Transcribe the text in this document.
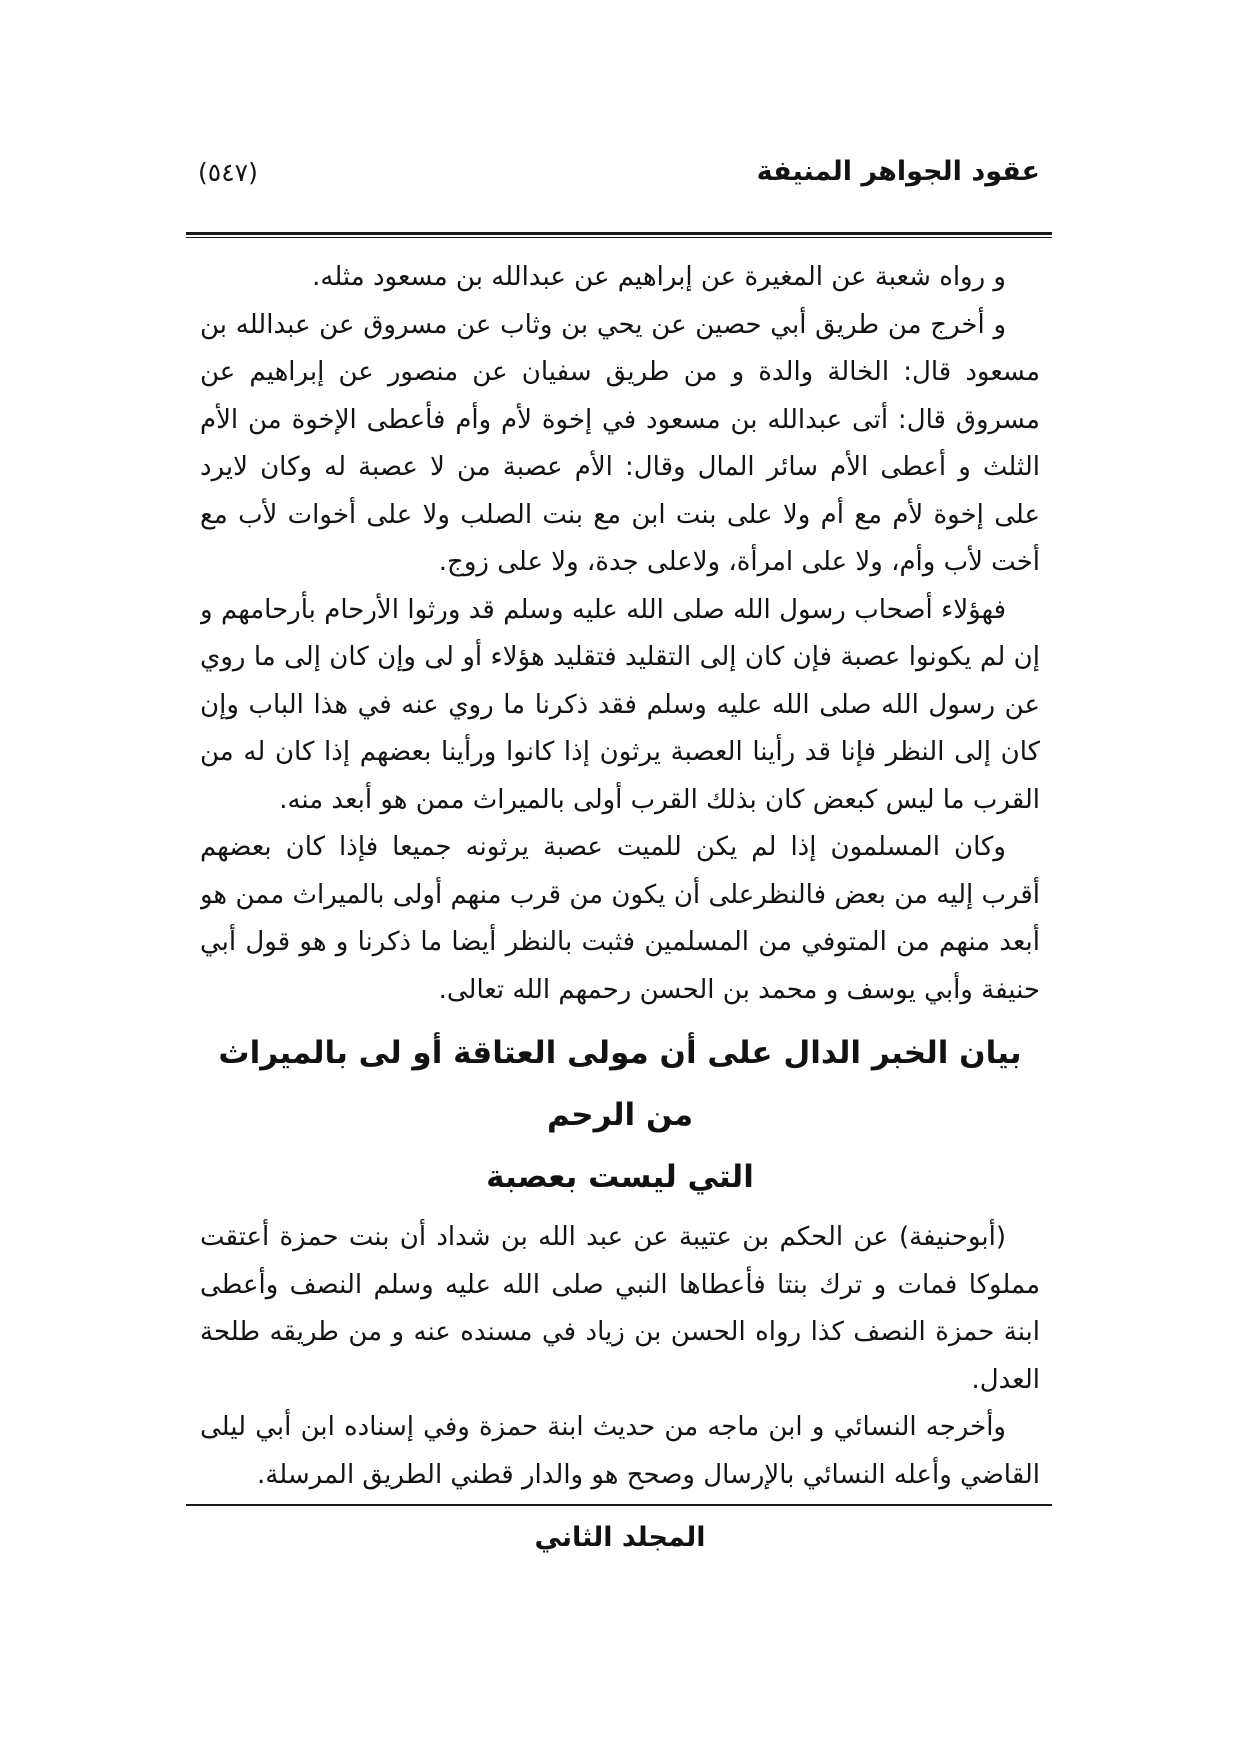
عقود الجواهر المنيفة
(٥٤٧)

و رواه شعبة عن المغيرة عن إبراهيم عن عبدالله بن مسعود مثله.

و أخرج من طريق أبي حصين عن يحي بن وثاب عن مسروق عن عبدالله بن مسعود قال: الخالة والدة و من طريق سفيان عن منصور عن إبراهيم عن مسروق قال: أتى عبدالله بن مسعود في إخوة لأم وأم فأعطى الإخوة من الأم الثلث و أعطى الأم سائر المال وقال: الأم عصبة من لا عصبة له وكان لايرد على إخوة لأم مع أم ولا على بنت ابن مع بنت الصلب ولا على أخوات لأب مع أخت لأب وأم، ولا على امرأة، ولاعلى جدة، ولا على زوج.

فهؤلاء أصحاب رسول الله صلى الله عليه وسلم قد ورثوا الأرحام بأرحامهم و إن لم يكونوا عصبة فإن كان إلى التقليد فتقليد هؤلاء أو لى وإن كان إلى ما روي عن رسول الله صلى الله عليه وسلم فقد ذكرنا ما روي عنه في هذا الباب وإن كان إلى النظر فإنا قد رأينا العصبة يرثون إذا كانوا ورأينا بعضهم إذا كان له من القرب ما ليس كبعض كان بذلك القرب أولى بالميراث ممن هو أبعد منه.

وكان المسلمون إذا لم يكن للميت عصبة يرثونه جميعا فإذا كان بعضهم أقرب إليه من بعض فالنظرعلى أن يكون من قرب منهم أولى بالميراث ممن هو أبعد منهم من المتوفي من المسلمين فثبت بالنظر أيضا ما ذكرنا و هو قول أبي حنيفة وأبي يوسف و محمد بن الحسن رحمهم الله تعالى.

بيان الخبر الدال على أن مولى العتاقة أو لى بالميراث من الرحم
التي ليست بعصبة

(أبوحنيفة) عن الحكم بن عتيبة عن عبد الله بن شداد أن بنت حمزة أعتقت مملوكا فمات و ترك بنتا فأعطاها النبي صلى الله عليه وسلم النصف وأعطى ابنة حمزة النصف كذا رواه الحسن بن زياد في مسنده عنه و من طريقه طلحة العدل.

وأخرجه النسائي و ابن ماجه من حديث ابنة حمزة وفي إسناده ابن أبي ليلى القاضي وأعله النسائي بالإرسال وصحح هو والدار قطني الطريق المرسلة.

المجلد الثاني
